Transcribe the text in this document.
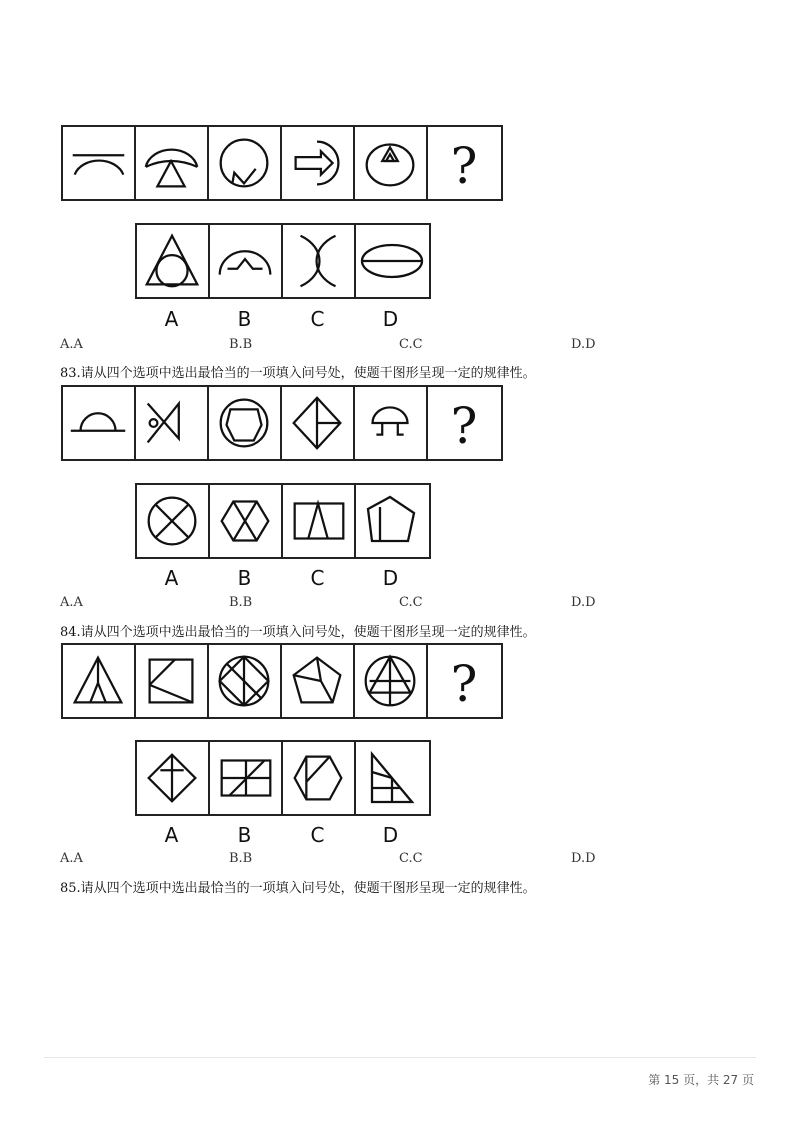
?
A	B	C	D
A.A	B.B	C.C	D.D
83.请从四个选项中选出最恰当的一项填入问号处，使题干图形呈现一定的规律性。
?
A	B	C	D
A.A	B.B	C.C	D.D
84.请从四个选项中选出最恰当的一项填入问号处，使题干图形呈现一定的规律性。
?
A	B	C	D
A.A	B.B	C.C	D.D
85.请从四个选项中选出最恰当的一项填入问号处，使题干图形呈现一定的规律性。
第 15 页，共 27 页
